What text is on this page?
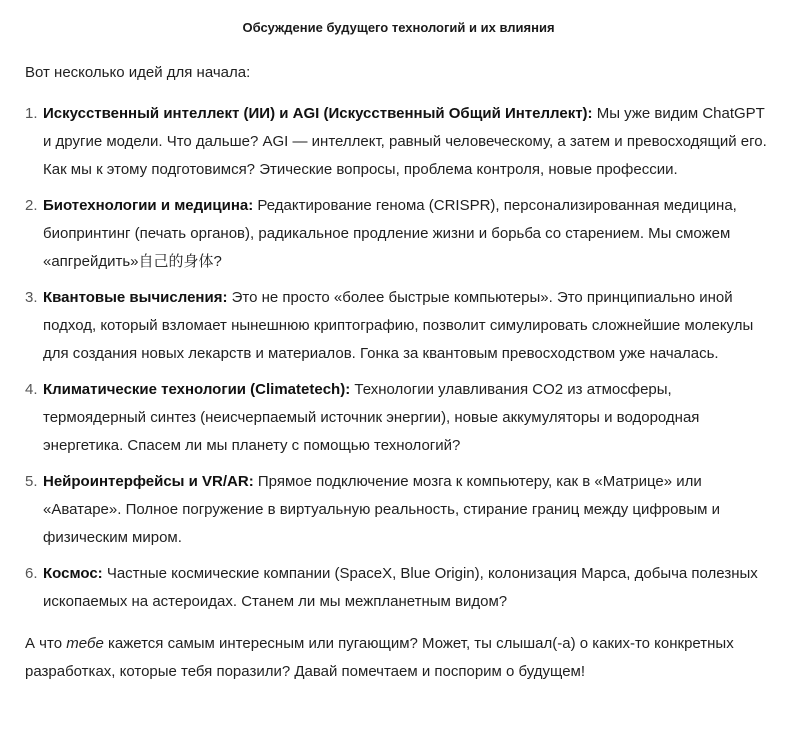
Обсуждение будущего технологий и их влияния

Вот несколько идей для начала:

1. Искусственный интеллект (ИИ) и AGI (Искусственный Общий Интеллект): Мы уже видим ChatGPT и другие модели. Что дальше? AGI — интеллект, равный человеческому, а затем и превосходящий его. Как мы к этому подготовимся? Этические вопросы, проблема контроля, новые профессии.
2. Биотехнологии и медицина: Редактирование генома (CRISPR), персонализированная медицина, биопринтинг (печать органов), радикальное продление жизни и борьба со старением. Мы сможем «апгрейдить»自己的身体?
3. Квантовые вычисления: Это не просто «более быстрые компьютеры». Это принципиально иной подход, который взломает нынешнюю криптографию, позволит симулировать сложнейшие молекулы для создания новых лекарств и материалов. Гонка за квантовым превосходством уже началась.
4. Климатические технологии (Climatetech): Технологии улавливания CO2 из атмосферы, термоядерный синтез (неисчерпаемый источник энергии), новые аккумуляторы и водородная энергетика. Спасем ли мы планету с помощью технологий?
5. Нейроинтерфейсы и VR/AR: Прямое подключение мозга к компьютеру, как в «Матрице» или «Аватаре». Полное погружение в виртуальную реальность, стирание границ между цифровым и физическим миром.
6. Космос: Частные космические компании (SpaceX, Blue Origin), колонизация Марса, добыча полезных ископаемых на астероидах. Станем ли мы межпланетным видом?

А что тебе кажется самым интересным или пугающим? Может, ты слышал(-а) о каких-то конкретных разработках, которые тебя поразили? Давай помечтаем и поспорим о будущем!
